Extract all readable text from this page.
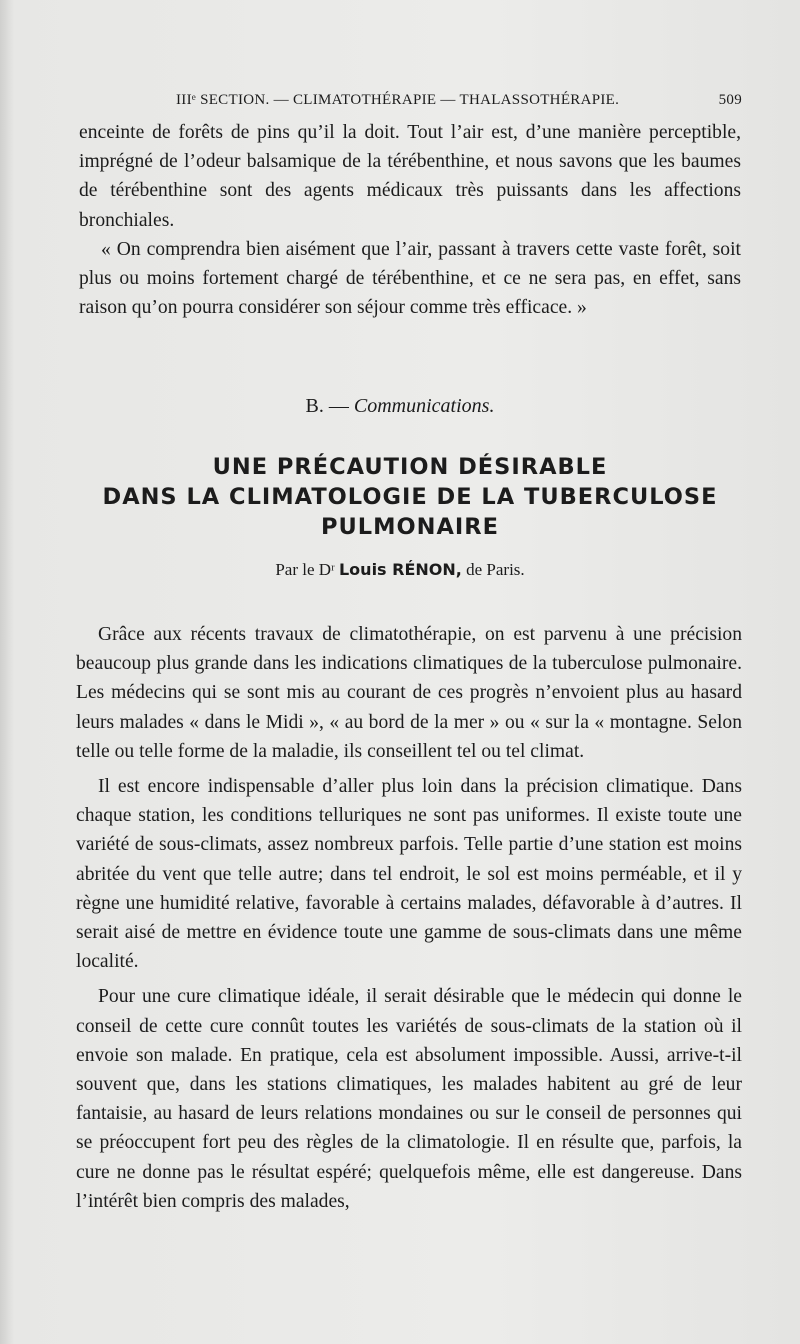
IIIᵉ SECTION. — CLIMATOTHÉRAPIE — THALASSOTHÉRAPIE.	509

enceinte de forêts de pins qu’il la doit. Tout l’air est, d’une manière perceptible, imprégné de l’odeur balsamique de la térébenthine, et nous savons que les baumes de térébenthine sont des agents médicaux très puissants dans les affections bronchiales.

« On comprendra bien aisément que l’air, passant à travers cette vaste forêt, soit plus ou moins fortement chargé de térébenthine, et ce ne sera pas, en effet, sans raison qu’on pourra considérer son séjour comme très efficace. »

B. — Communications.
UNE PRÉCAUTION DÉSIRABLE
DANS LA CLIMATOLOGIE DE LA TUBERCULOSE
PULMONAIRE
Par le Dʳ Louis RÉNON, de Paris.

Grâce aux récents travaux de climatothérapie, on est parvenu à une précision beaucoup plus grande dans les indications climatiques de la tuberculose pulmonaire. Les médecins qui se sont mis au courant de ces progrès n’envoient plus au hasard leurs malades « dans le Midi », « au bord de la mer » ou « sur la « montagne. Selon telle ou telle forme de la maladie, ils conseillent tel ou tel climat.

Il est encore indispensable d’aller plus loin dans la précision climatique. Dans chaque station, les conditions telluriques ne sont pas uniformes. Il existe toute une variété de sous-climats, assez nombreux parfois. Telle partie d’une station est moins abritée du vent que telle autre; dans tel endroit, le sol est moins perméable, et il y règne une humidité relative, favorable à certains malades, défavorable à d’autres. Il serait aisé de mettre en évidence toute une gamme de sous-climats dans une même localité.

Pour une cure climatique idéale, il serait désirable que le médecin qui donne le conseil de cette cure connût toutes les variétés de sous-climats de la station où il envoie son malade. En pratique, cela est absolument impossible. Aussi, arrive-t-il souvent que, dans les stations climatiques, les malades habitent au gré de leur fantaisie, au hasard de leurs relations mondaines ou sur le conseil de personnes qui se préoccupent fort peu des règles de la climatologie. Il en résulte que, parfois, la cure ne donne pas le résultat espéré; quelquefois même, elle est dangereuse. Dans l’intérêt bien compris des malades,
